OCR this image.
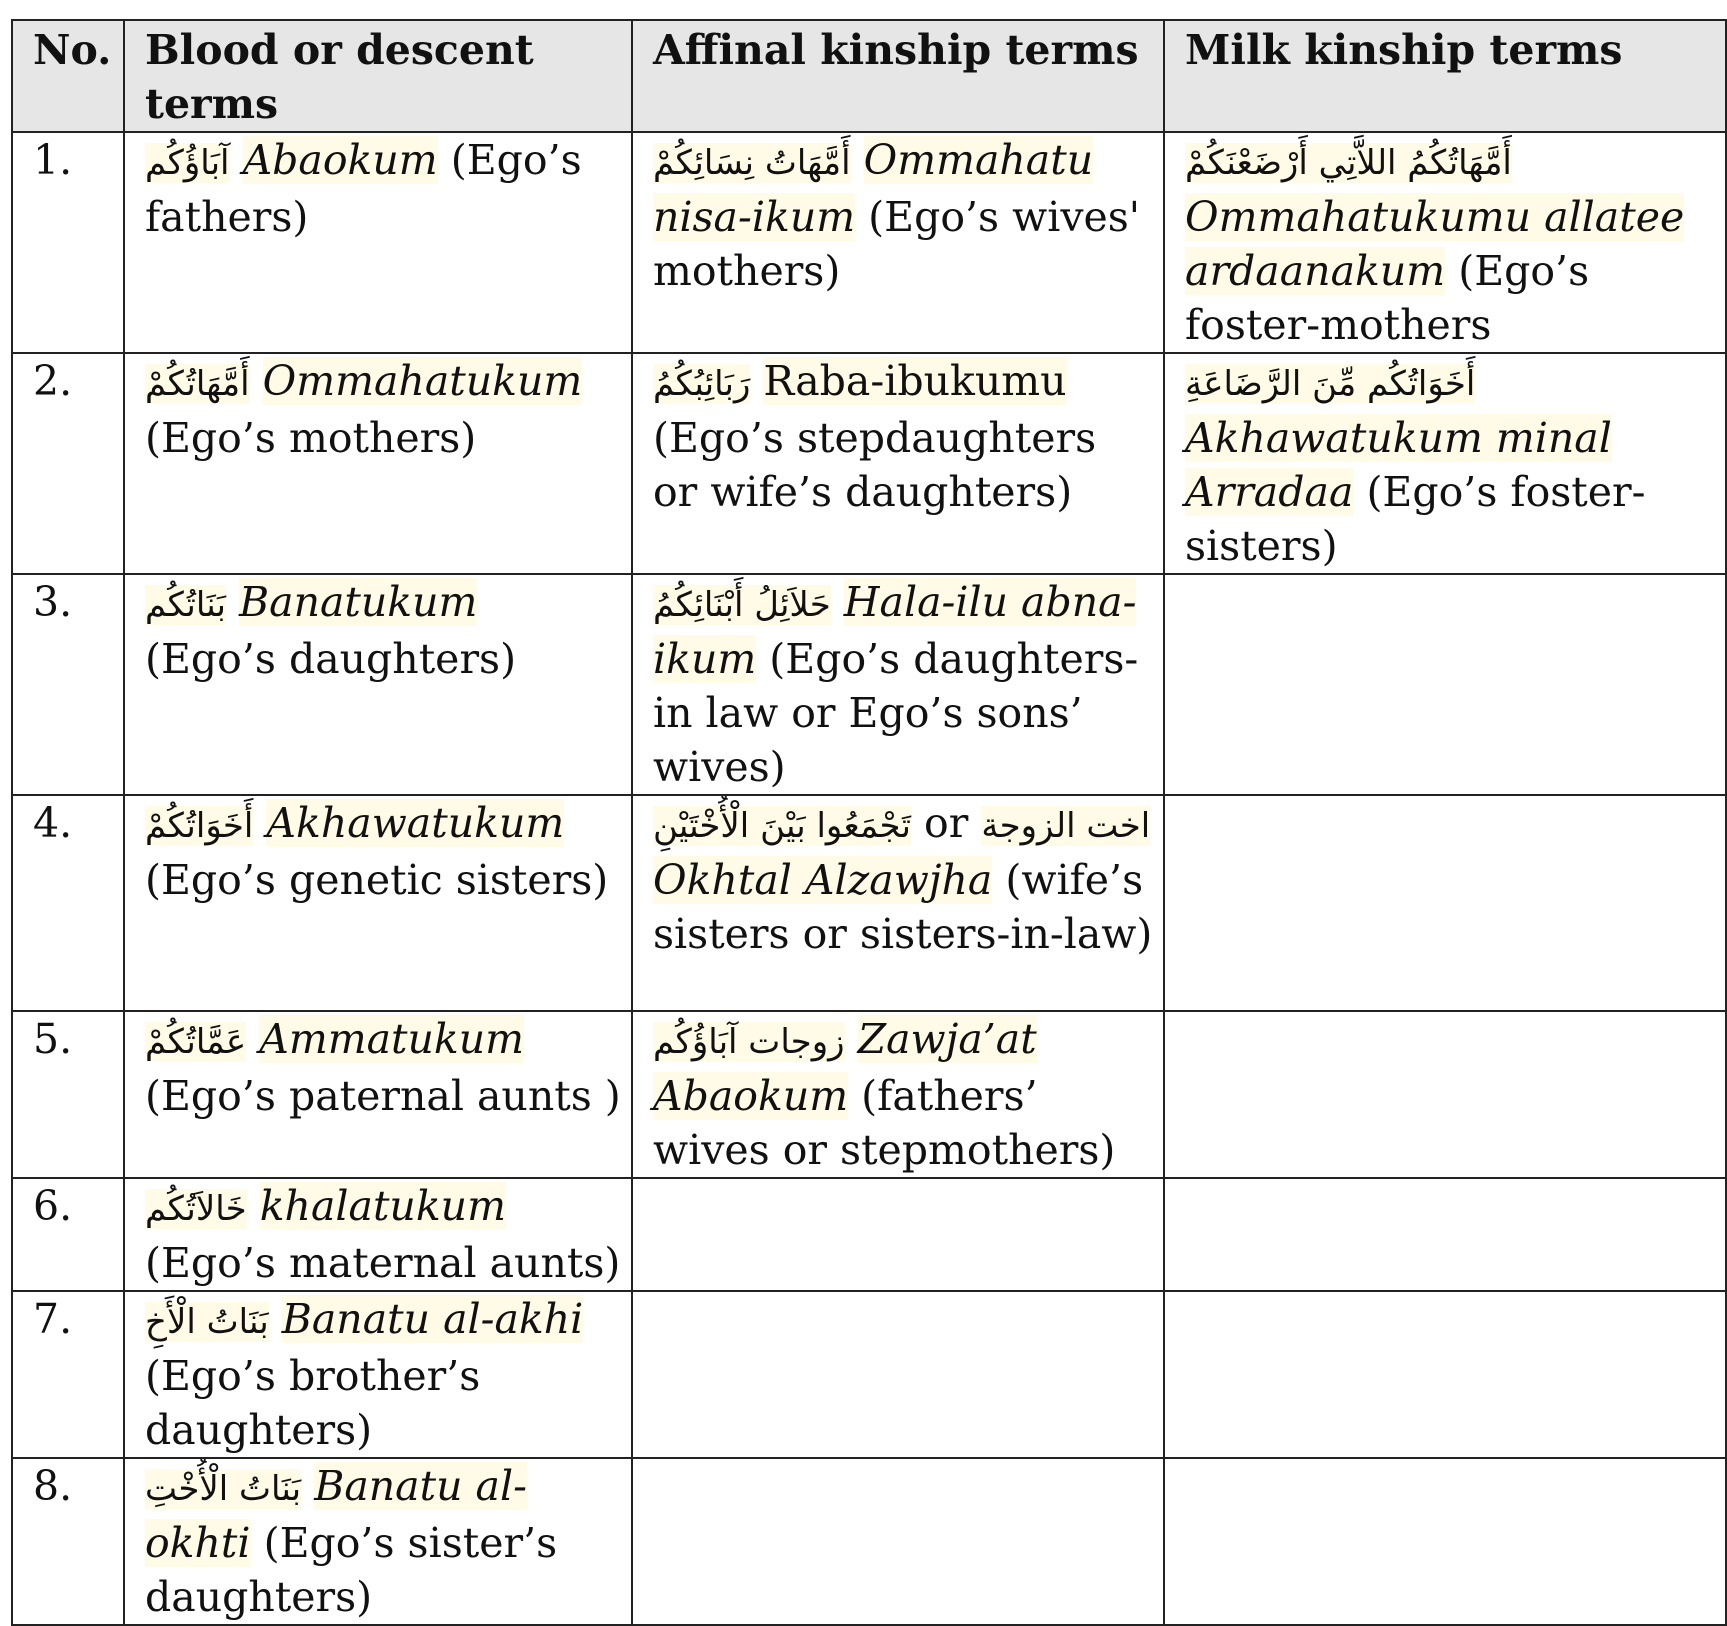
No.	Blood or descent terms	Affinal kinship terms	Milk kinship terms
1.	آبَاؤُكُم Abaokum (Ego’s fathers)	أَمَّهَاتُ نِسَائِكُمْ Ommahatu nisa-ikum (Ego’s wives' mothers)	أَمَّهَاتُكُمُ اللاَّتِي أَرْضَعْنَكُمْ Ommahatukumu allatee ardaanakum (Ego’s foster-mothers
2.	أَمَّهَاتُكُمْ Ommahatukum (Ego’s mothers)	رَبَائِبُكُمُ Raba-ibukumu (Ego’s stepdaughters or wife’s daughters)	أَخَوَاتُكُم مِّنَ الرَّضَاعَةِ Akhawatukum minal Arradaa (Ego’s foster-sisters)
3.	بَنَاتُكُم Banatukum (Ego’s daughters)	حَلاَئِلُ أَبْنَائِكُمُ Hala-ilu abna-ikum (Ego’s daughters-in law or Ego’s sons’ wives)	
4.	أَخَوَاتُكُمْ Akhawatukum (Ego’s genetic sisters)	تَجْمَعُوا بَيْنَ الْأُخْتَيْنِ or اخت الزوجة Okhtal Alzawjha (wife’s sisters or sisters-in-law)	
5.	عَمَّاتُكُمْ Ammatukum (Ego’s paternal aunts )	زوجات آبَاؤُكُم Zawja’at Abaokum (fathers’ wives or stepmothers)	
6.	خَالاَتُكُم khalatukum (Ego’s maternal aunts)		
7.	بَنَاتُ الْأَخِ Banatu al-akhi (Ego’s brother’s daughters)		
8.	بَنَاتُ الْأُخْتِ Banatu al-okhti (Ego’s sister’s daughters)		
